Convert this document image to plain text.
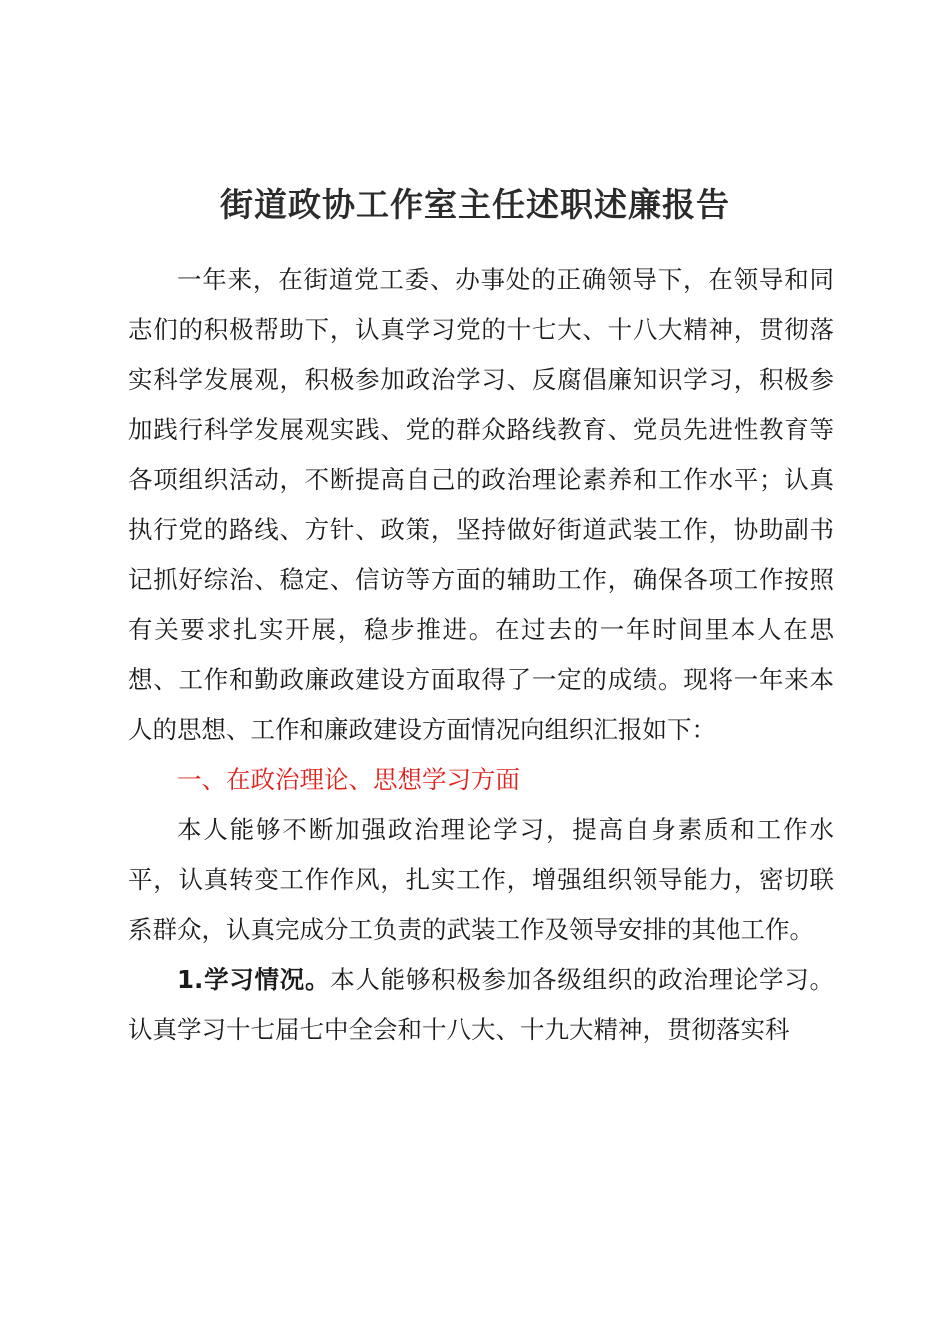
街道政协工作室主任述职述廉报告

一年来，在街道党工委、办事处的正确领导下，在领导和同志们的积极帮助下，认真学习党的十七大、十八大精神，贯彻落实科学发展观，积极参加政治学习、反腐倡廉知识学习，积极参加践行科学发展观实践、党的群众路线教育、党员先进性教育等各项组织活动，不断提高自己的政治理论素养和工作水平；认真执行党的路线、方针、政策，坚持做好街道武装工作，协助副书记抓好综治、稳定、信访等方面的辅助工作，确保各项工作按照有关要求扎实开展，稳步推进。在过去的一年时间里本人在思想、工作和勤政廉政建设方面取得了一定的成绩。现将一年来本人的思想、工作和廉政建设方面情况向组织汇报如下：

一、在政治理论、思想学习方面

本人能够不断加强政治理论学习，提高自身素质和工作水平，认真转变工作作风，扎实工作，增强组织领导能力，密切联系群众，认真完成分工负责的武装工作及领导安排的其他工作。

1.学习情况。本人能够积极参加各级组织的政治理论学习。认真学习十七届七中全会和十八大、十九大精神，贯彻落实科
